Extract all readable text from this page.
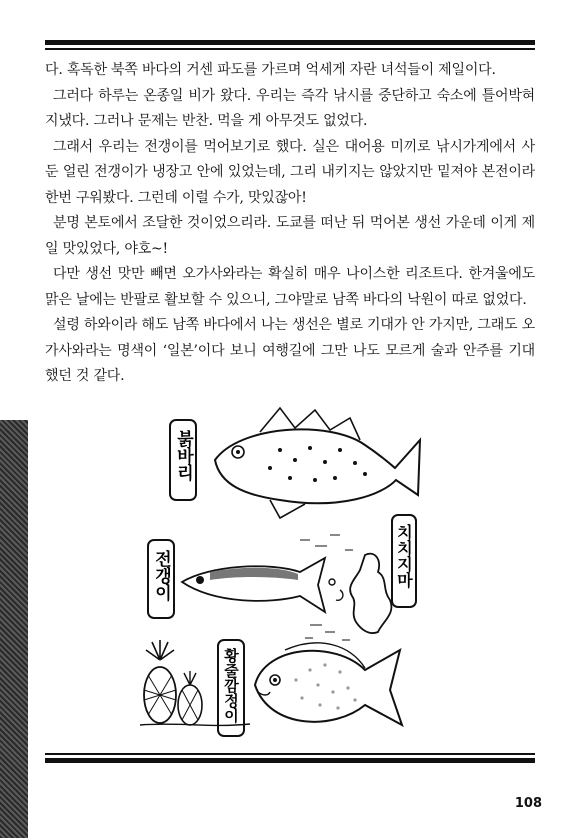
다. 혹독한 북쪽 바다의 거센 파도를 가르며 억세게 자란 녀석들이 제일이다.

그러다 하루는 온종일 비가 왔다. 우리는 즉각 낚시를 중단하고 숙소에 틀어박혀 지냈다. 그러나 문제는 반찬. 먹을 게 아무것도 없었다.

그래서 우리는 전갱이를 먹어보기로 했다. 실은 대어용 미끼로 낚시가게에서 사둔 얼린 전갱이가 냉장고 안에 있었는데, 그리 내키지는 않았지만 밑져야 본전이라 한번 구워봤다. 그런데 이럴 수가, 맛있잖아!

분명 본토에서 조달한 것이었으리라. 도쿄를 떠난 뒤 먹어본 생선 가운데 이게 제일 맛있었다, 야호~!

다만 생선 맛만 빼면 오가사와라는 확실히 매우 나이스한 리조트다. 한겨울에도 맑은 날에는 반팔로 활보할 수 있으니, 그야말로 남쪽 바다의 낙원이 따로 없었다.

설령 하와이라 해도 남쪽 바다에서 나는 생선은 별로 기대가 안 가지만, 그래도 오가사와라는 명색이 ‘일본’이다 보니 여행길에 그만 나도 모르게 술과 안주를 기대했던 것 같다.

붉바리
전갱이	치치지마
황줄깜정이
108
